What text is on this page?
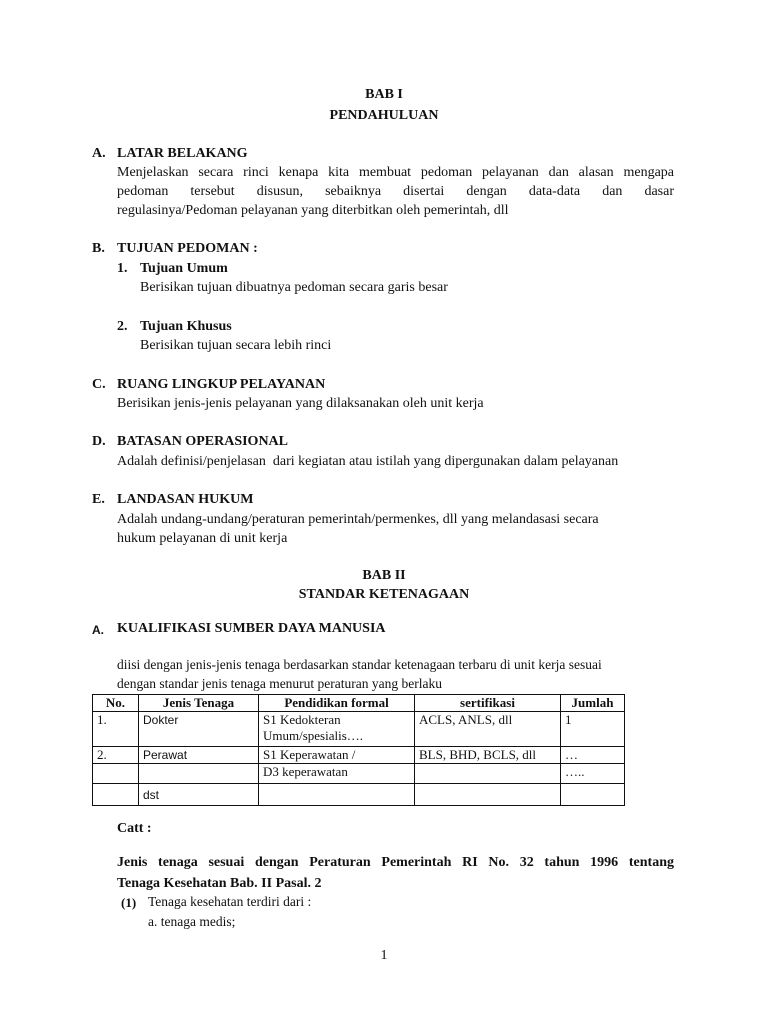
BAB I
PENDAHULUAN
A. LATAR BELAKANG
Menjelaskan secara rinci kenapa kita membuat pedoman pelayanan dan alasan mengapa
pedoman tersebut disusun, sebaiknya disertai dengan data-data dan dasar
regulasinya/Pedoman pelayanan yang diterbitkan oleh pemerintah, dll
B. TUJUAN PEDOMAN :
1. Tujuan Umum
Berisikan tujuan dibuatnya pedoman secara garis besar
2. Tujuan Khusus
Berisikan tujuan secara lebih rinci
C. RUANG LINGKUP PELAYANAN
Berisikan jenis-jenis pelayanan yang dilaksanakan oleh unit kerja
D. BATASAN OPERASIONAL
Adalah definisi/penjelasan  dari kegiatan atau istilah yang dipergunakan dalam pelayanan
E. LANDASAN HUKUM
Adalah undang-undang/peraturan pemerintah/permenkes, dll yang melandasasi secara
hukum pelayanan di unit kerja
BAB II
STANDAR KETENAGAAN
A. KUALIFIKASI SUMBER DAYA MANUSIA
diisi dengan jenis-jenis tenaga berdasarkan standar ketenagaan terbaru di unit kerja sesuai
dengan standar jenis tenaga menurut peraturan yang berlaku
No.	Jenis Tenaga	Pendidikan formal	sertifikasi	Jumlah
1.	Dokter	S1 Kedokteran Umum/spesialis….	ACLS, ANLS, dll	1
2.	Perawat	S1 Keperawatan /	BLS, BHD, BCLS, dll	…
		D3 keperawatan		…..
	dst			
Catt :
Jenis tenaga sesuai dengan Peraturan Pemerintah RI No. 32 tahun 1996 tentang
Tenaga Kesehatan Bab. II Pasal. 2
(1) Tenaga kesehatan terdiri dari :
a. tenaga medis;
1
